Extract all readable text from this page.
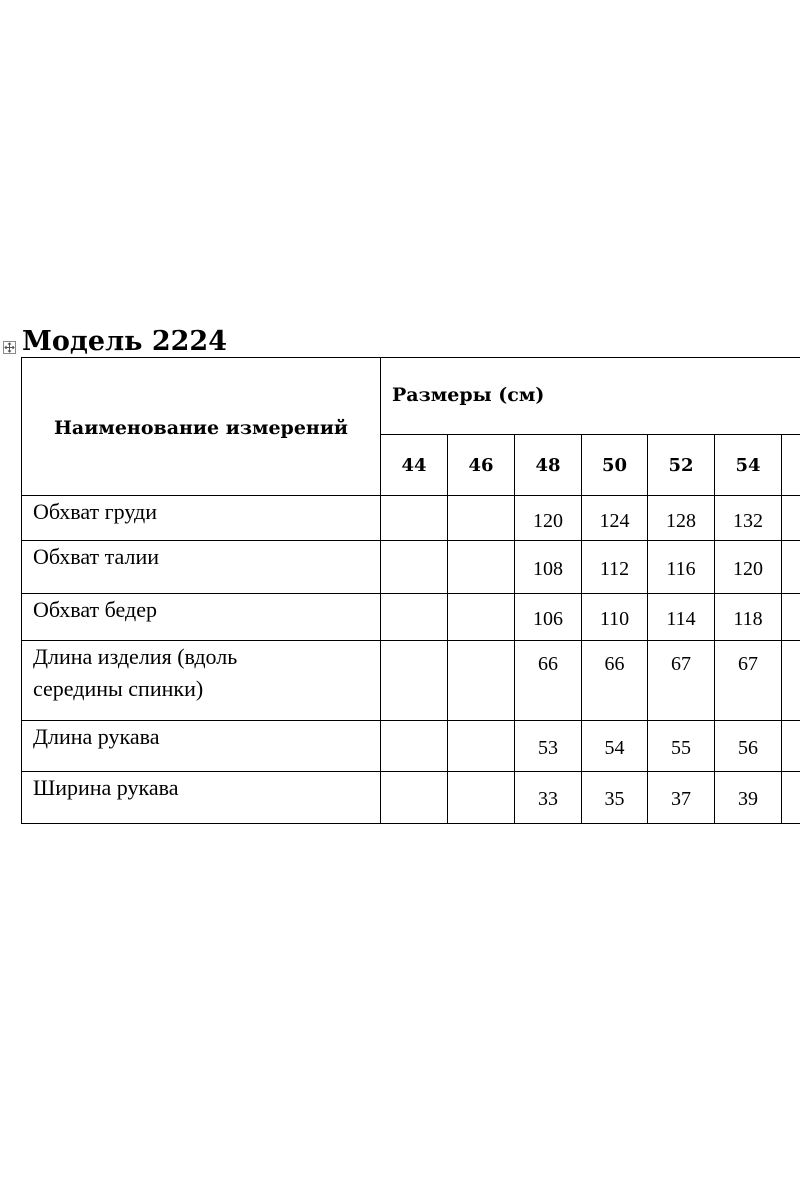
Модель 2224
Наименование измерений	Размеры (см)						
	44	46	48	50	52	54	

Обхват груди			120	124	128	132	

Обхват талии			108	112	116	120	

Обхват бедер			106	110	114	118	

Длина изделия (вдоль
середины спинки)			66	66	67	67	

Длина рукава			53	54	55	56	

Ширина рукава			33	35	37	39	
